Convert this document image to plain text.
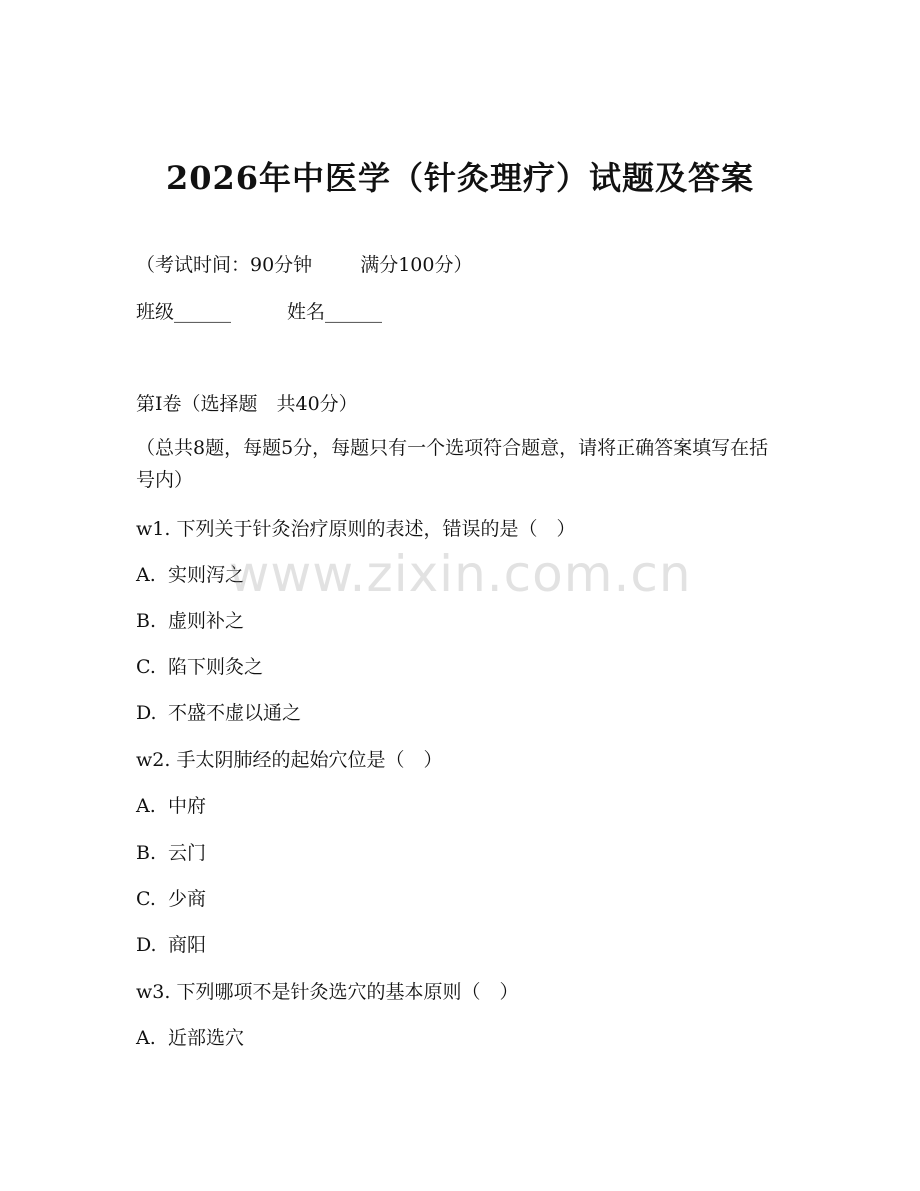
2026年中医学（针灸理疗）试题及答案
（考试时间：90分钟	满分100分）
班级______	姓名______
第I卷（选择题　共40分）
（总共8题，每题5分，每题只有一个选项符合题意，请将正确答案填写在括号内）
w1. 下列关于针灸治疗原则的表述，错误的是（　）
A. 实则泻之
B. 虚则补之
C. 陷下则灸之
D. 不盛不虚以通之
w2. 手太阴肺经的起始穴位是（　）
A. 中府
B. 云门
C. 少商
D. 商阳
w3. 下列哪项不是针灸选穴的基本原则（　）
A. 近部选穴
www.zixin.com.cn
